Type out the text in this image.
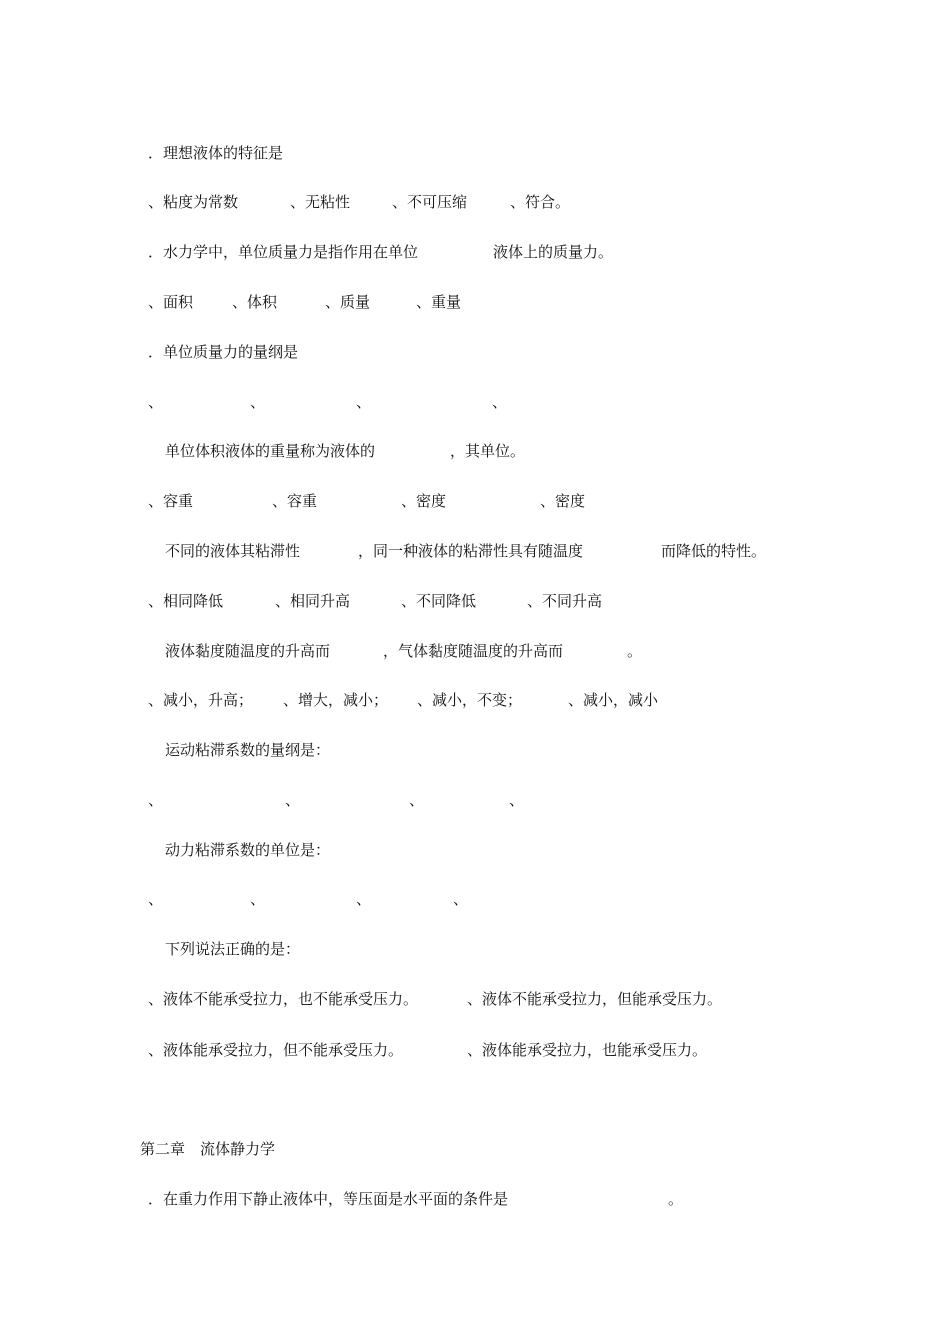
．理想液体的特征是
、粘度为常数	、无粘性	、不可压缩	、符合。
．水力学中，单位质量力是指作用在单位	液体上的质量力。
、面积	、体积	、质量	、重量
．单位质量力的量纲是
、	、	、	、
单位体积液体的重量称为液体的	，其单位。
、容重	、容重	、密度	、密度
不同的液体其粘滞性	，同一种液体的粘滞性具有随温度	而降低的特性。
、相同降低	、相同升高	、不同降低	、不同升高
液体黏度随温度的升高而	，气体黏度随温度的升高而	。
、减小，升高； 、增大，减小； 、减小，不变；	、减小，减小
运动粘滞系数的量纲是：
、	、	、	、
动力粘滞系数的单位是：
、	、	、	、
下列说法正确的是：
、液体不能承受拉力，也不能承受压力。	、液体不能承受拉力，但能承受压力。
、液体能承受拉力，但不能承受压力。	、液体能承受拉力，也能承受压力。
第二章　流体静力学
．在重力作用下静止液体中，等压面是水平面的条件是	。
